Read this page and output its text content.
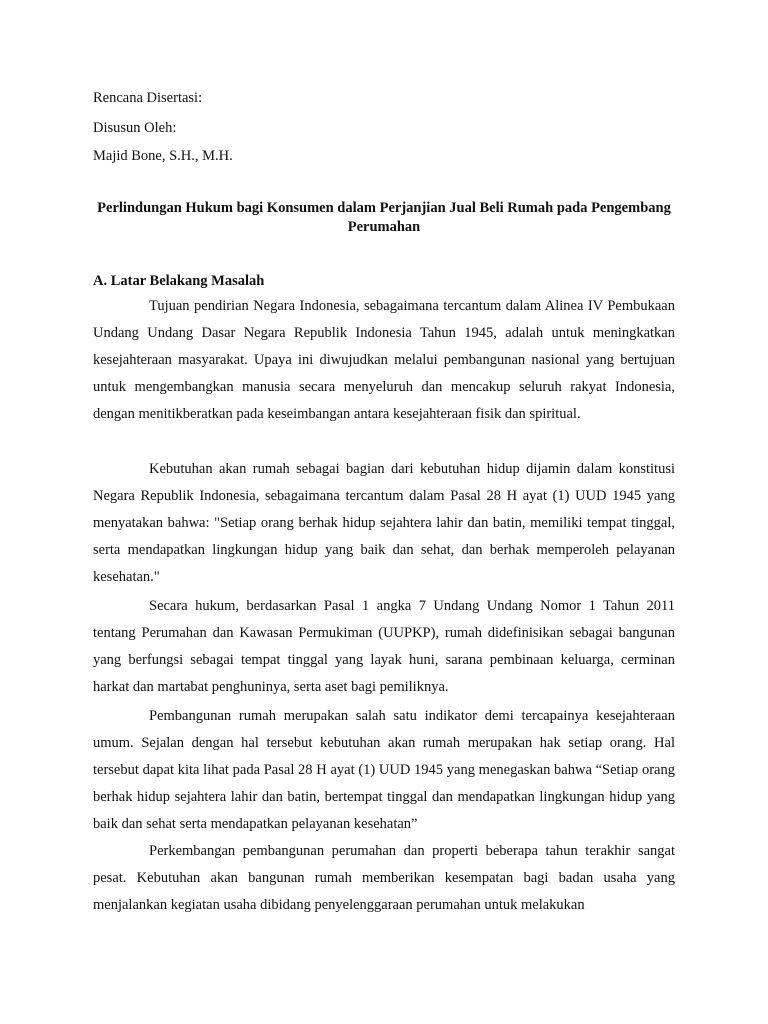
Rencana Disertasi:
Disusun Oleh:
Majid Bone, S.H., M.H.
Perlindungan Hukum bagi Konsumen dalam Perjanjian Jual Beli Rumah pada Pengembang Perumahan
A. Latar Belakang Masalah

Tujuan pendirian Negara Indonesia, sebagaimana tercantum dalam Alinea IV Pembukaan Undang Undang Dasar Negara Republik Indonesia Tahun 1945, adalah untuk meningkatkan kesejahteraan masyarakat. Upaya ini diwujudkan melalui pembangunan nasional yang bertujuan untuk mengembangkan manusia secara menyeluruh dan mencakup seluruh rakyat Indonesia, dengan menitikberatkan pada keseimbangan antara kesejahteraan fisik dan spiritual.

Kebutuhan akan rumah sebagai bagian dari kebutuhan hidup dijamin dalam konstitusi Negara Republik Indonesia, sebagaimana tercantum dalam Pasal 28 H ayat (1) UUD 1945 yang menyatakan bahwa: "Setiap orang berhak hidup sejahtera lahir dan batin, memiliki tempat tinggal, serta mendapatkan lingkungan hidup yang baik dan sehat, dan berhak memperoleh pelayanan kesehatan."

Secara hukum, berdasarkan Pasal 1 angka 7 Undang Undang Nomor 1 Tahun 2011 tentang Perumahan dan Kawasan Permukiman (UUPKP), rumah didefinisikan sebagai bangunan yang berfungsi sebagai tempat tinggal yang layak huni, sarana pembinaan keluarga, cerminan harkat dan martabat penghuninya, serta aset bagi pemiliknya.

Pembangunan rumah merupakan salah satu indikator demi tercapainya kesejahteraan umum. Sejalan dengan hal tersebut kebutuhan akan rumah merupakan hak setiap orang. Hal tersebut dapat kita lihat pada Pasal 28 H ayat (1) UUD 1945 yang menegaskan bahwa “Setiap orang berhak hidup sejahtera lahir dan batin, bertempat tinggal dan mendapatkan lingkungan hidup yang baik dan sehat serta mendapatkan pelayanan kesehatan”

Perkembangan pembangunan perumahan dan properti beberapa tahun terakhir sangat pesat. Kebutuhan akan bangunan rumah memberikan kesempatan bagi badan usaha yang menjalankan kegiatan usaha dibidang penyelenggaraan perumahan untuk melakukan
